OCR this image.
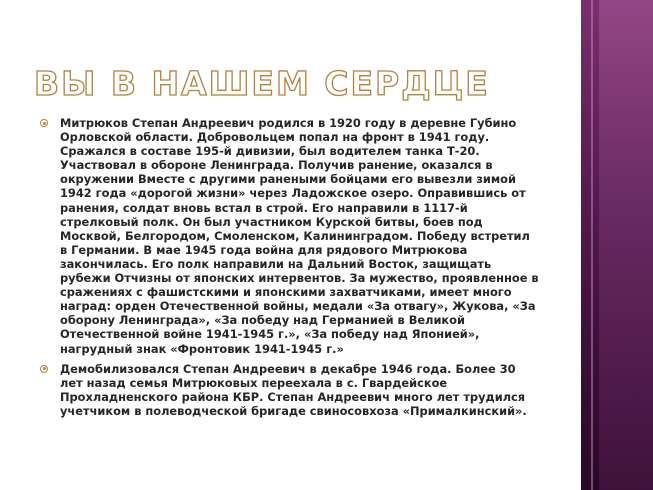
ВЫ В НАШЕМ СЕРДЦЕ
Митрюков Степан Андреевич родился в 1920 году в деревне Губино Орловской области. Добровольцем попал на фронт в 1941 году. Сражался в составе 195-й дивизии, был водителем танка Т-20. Участвовал в обороне Ленинграда. Получив ранение, оказался в окружении Вместе с другими ранеными бойцами его вывезли зимой 1942 года «дорогой жизни» через Ладожское озеро. Оправившись от ранения, солдат вновь встал в строй. Его направили в 1117-й стрелковый полк. Он был участником Курской битвы, боев под Москвой, Белгородом, Смоленском, Калининградом. Победу встретил в Германии. В мае 1945 года война для рядового Митрюкова закончилась. Его полк направили на Дальний Восток, защищать рубежи Отчизны от японских интервентов. За мужество, проявленное в сражениях с фашистскими и японскими захватчиками, имеет много наград: орден Отечественной войны, медали «За отвагу», Жукова, «За оборону Ленинграда», «За победу над Германией в Великой Отечественной войне 1941-1945 г.», «За победу над Японией», нагрудный знак «Фронтовик 1941-1945 г.»
Демобилизовался Степан Андреевич в декабре 1946 года. Более 30 лет назад семья Митрюковых переехала в с. Гвардейское Прохладненского района КБР. Степан Андреевич много лет трудился учетчиком в полеводческой бригаде свиносовхоза «Прималкинский».
